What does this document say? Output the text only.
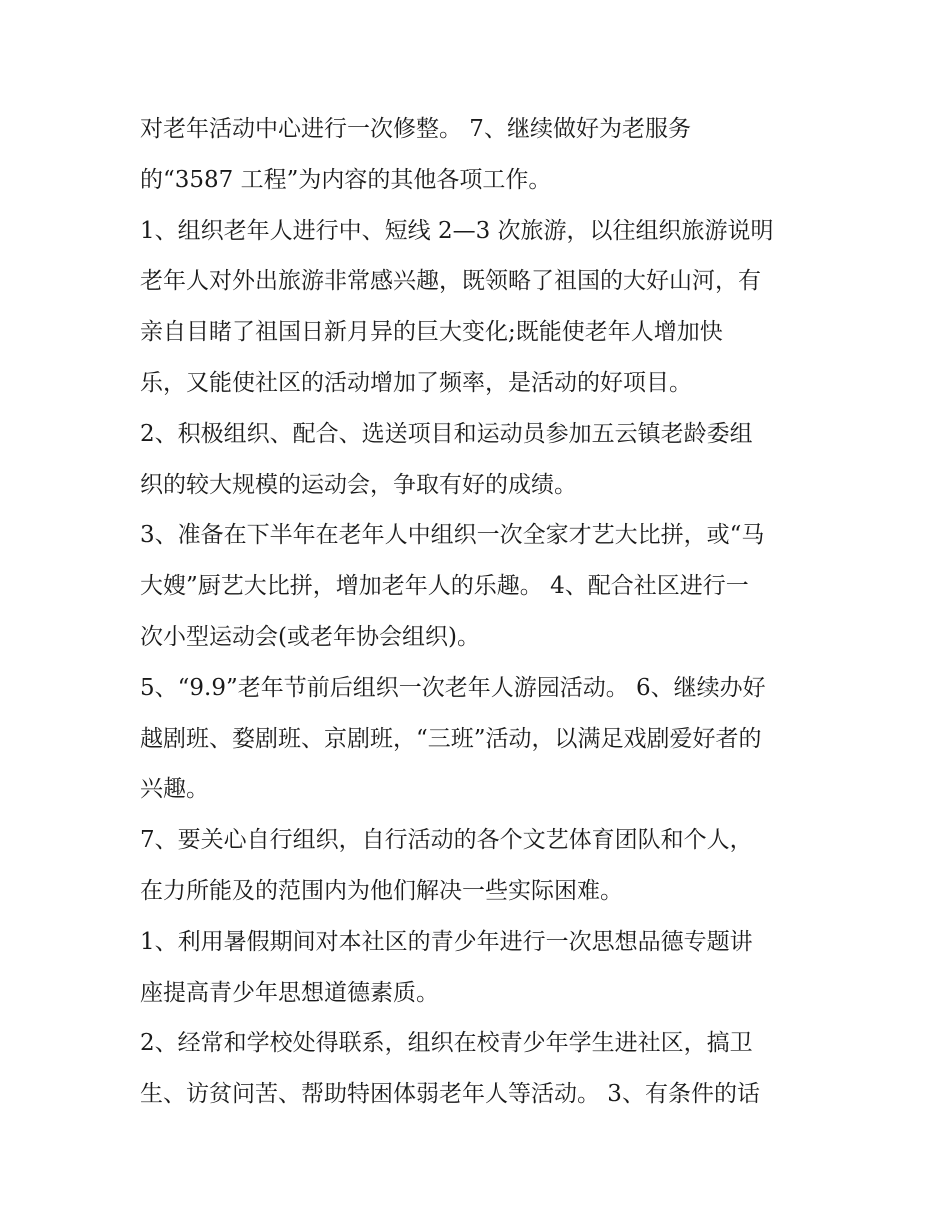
对老年活动中心进行一次修整。 7、继续做好为老服务
的“3587 工程”为内容的其他各项工作。
1、组织老年人进行中、短线 2—3 次旅游，以往组织旅游说明
老年人对外出旅游非常感兴趣，既领略了祖国的大好山河，有
亲自目睹了祖国日新月异的巨大变化;既能使老年人增加快
乐，又能使社区的活动增加了频率，是活动的好项目。
2、积极组织、配合、选送项目和运动员参加五云镇老龄委组
织的较大规模的运动会，争取有好的成绩。
3、准备在下半年在老年人中组织一次全家才艺大比拼，或“马
大嫂”厨艺大比拼，增加老年人的乐趣。 4、配合社区进行一
次小型运动会(或老年协会组织)。
5、“9.9”老年节前后组织一次老年人游园活动。 6、继续办好
越剧班、婺剧班、京剧班，“三班”活动，以满足戏剧爱好者的
兴趣。
7、要关心自行组织，自行活动的各个文艺体育团队和个人，
在力所能及的范围内为他们解决一些实际困难。
1、利用暑假期间对本社区的青少年进行一次思想品德专题讲
座提高青少年思想道德素质。
2、经常和学校处得联系，组织在校青少年学生进社区，搞卫
生、访贫问苦、帮助特困体弱老年人等活动。 3、有条件的话
